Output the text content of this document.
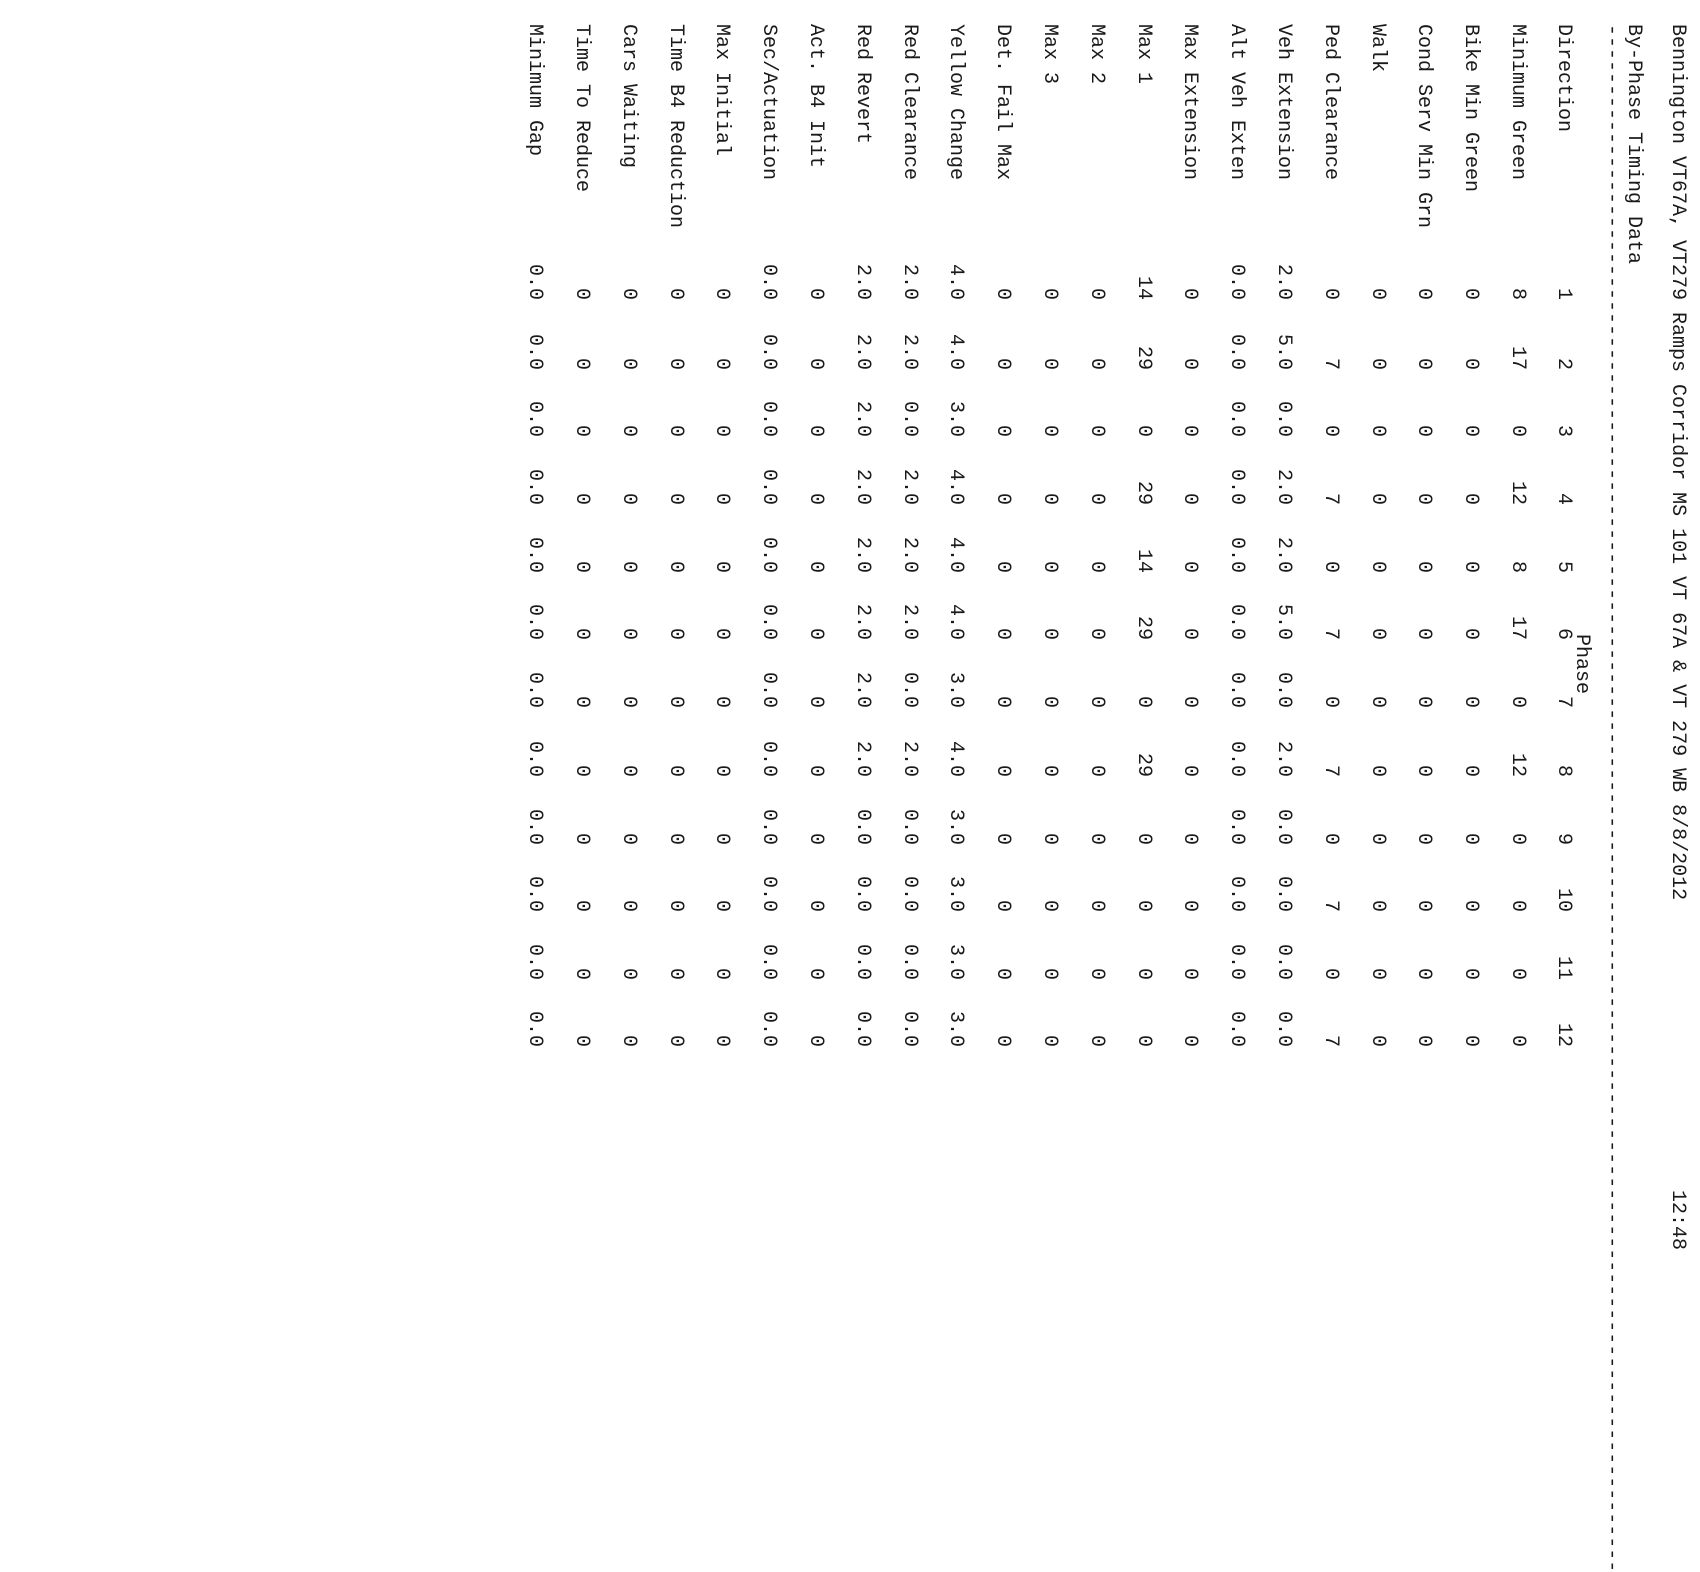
Bennington VT67A, VT279 Ramps Corridor MS 101 VT 67A & VT 279 WB 8/8/2012
12:48
By-Phase Timing Data
---------------------------------------------------------------------------------------------------------------------------------
Phase
Direction
1
2
3
4
5
6
7
8
9
10
11
12
Minimum Green
8
17
0
12
8
17
0
12
0
0
0
0
Bike Min Green
0
0
0
0
0
0
0
0
0
0
0
0
Cond Serv Min Grn
0
0
0
0
0
0
0
0
0
0
0
0
Walk
0
0
0
0
0
0
0
0
0
0
0
0
Ped Clearance
0
7
0
7
0
7
0
7
0
7
0
7
Veh Extension
2.0
5.0
0.0
2.0
2.0
5.0
0.0
2.0
0.0
0.0
0.0
0.0
Alt Veh Exten
0.0
0.0
0.0
0.0
0.0
0.0
0.0
0.0
0.0
0.0
0.0
0.0
Max Extension
0
0
0
0
0
0
0
0
0
0
0
0
Max 1
14
29
0
29
14
29
0
29
0
0
0
0
Max 2
0
0
0
0
0
0
0
0
0
0
0
0
Max 3
0
0
0
0
0
0
0
0
0
0
0
0
Det. Fail Max
0
0
0
0
0
0
0
0
0
0
0
0
Yellow Change
4.0
4.0
3.0
4.0
4.0
4.0
3.0
4.0
3.0
3.0
3.0
3.0
Red Clearance
2.0
2.0
0.0
2.0
2.0
2.0
0.0
2.0
0.0
0.0
0.0
0.0
Red Revert
2.0
2.0
2.0
2.0
2.0
2.0
2.0
2.0
0.0
0.0
0.0
0.0
Act. B4 Init
0
0
0
0
0
0
0
0
0
0
0
0
Sec/Actuation
0.0
0.0
0.0
0.0
0.0
0.0
0.0
0.0
0.0
0.0
0.0
0.0
Max Initial
0
0
0
0
0
0
0
0
0
0
0
0
Time B4 Reduction
0
0
0
0
0
0
0
0
0
0
0
0
Cars Waiting
0
0
0
0
0
0
0
0
0
0
0
0
Time To Reduce
0
0
0
0
0
0
0
0
0
0
0
0
Minimum Gap
0.0
0.0
0.0
0.0
0.0
0.0
0.0
0.0
0.0
0.0
0.0
0.0
